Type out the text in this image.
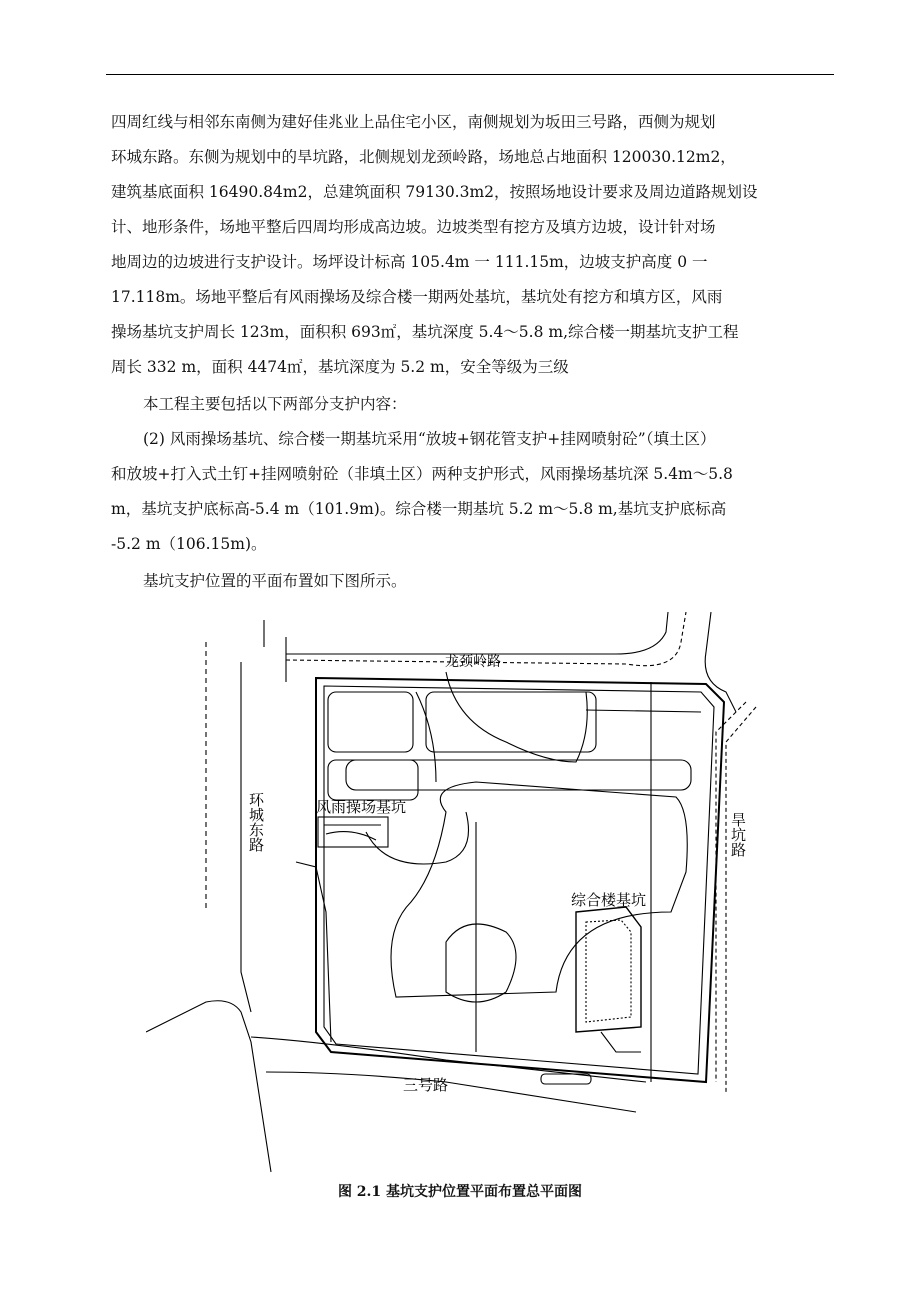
四周红线与相邻东南侧为建好佳兆业上品住宅小区，南侧规划为坂田三号路，西侧为规划
环城东路。东侧为规划中的旱坑路，北侧规划龙颈岭路，场地总占地面积 120030.12m2，
建筑基底面积 16490.84m2，总建筑面积 79130.3m2，按照场地设计要求及周边道路规划设
计、地形条件，场地平整后四周均形成高边坡。边坡类型有挖方及填方边坡，设计针对场
地周边的边坡进行支护设计。场坪设计标高 105.4m 一 111.15m，边坡支护高度 0 一
17.118m。场地平整后有风雨操场及综合楼一期两处基坑，基坑处有挖方和填方区，风雨
操场基坑支护周长 123m，面积积 693㎡，基坑深度 5.4～5.8 m,综合楼一期基坑支护工程
周长 332 m，面积 4474㎡，基坑深度为 5.2 m，安全等级为三级
本工程主要包括以下两部分支护内容：
(2) 风雨操场基坑、综合楼一期基坑采用“放坡+钢花管支护+挂网喷射砼”（填土区）
和放坡+打入式土钉+挂网喷射砼（非填土区）两种支护形式，风雨操场基坑深 5.4m～5.8
m，基坑支护底标高-5.4 m（101.9m)。综合楼一期基坑 5.2 m～5.8 m,基坑支护底标高
-5.2 m（106.15m)。
基坑支护位置的平面布置如下图所示。
龙颈岭路
风雨操场基坑
综合楼基坑
三号路
环城东路	旱坑路
图 2.1 基坑支护位置平面布置总平面图
